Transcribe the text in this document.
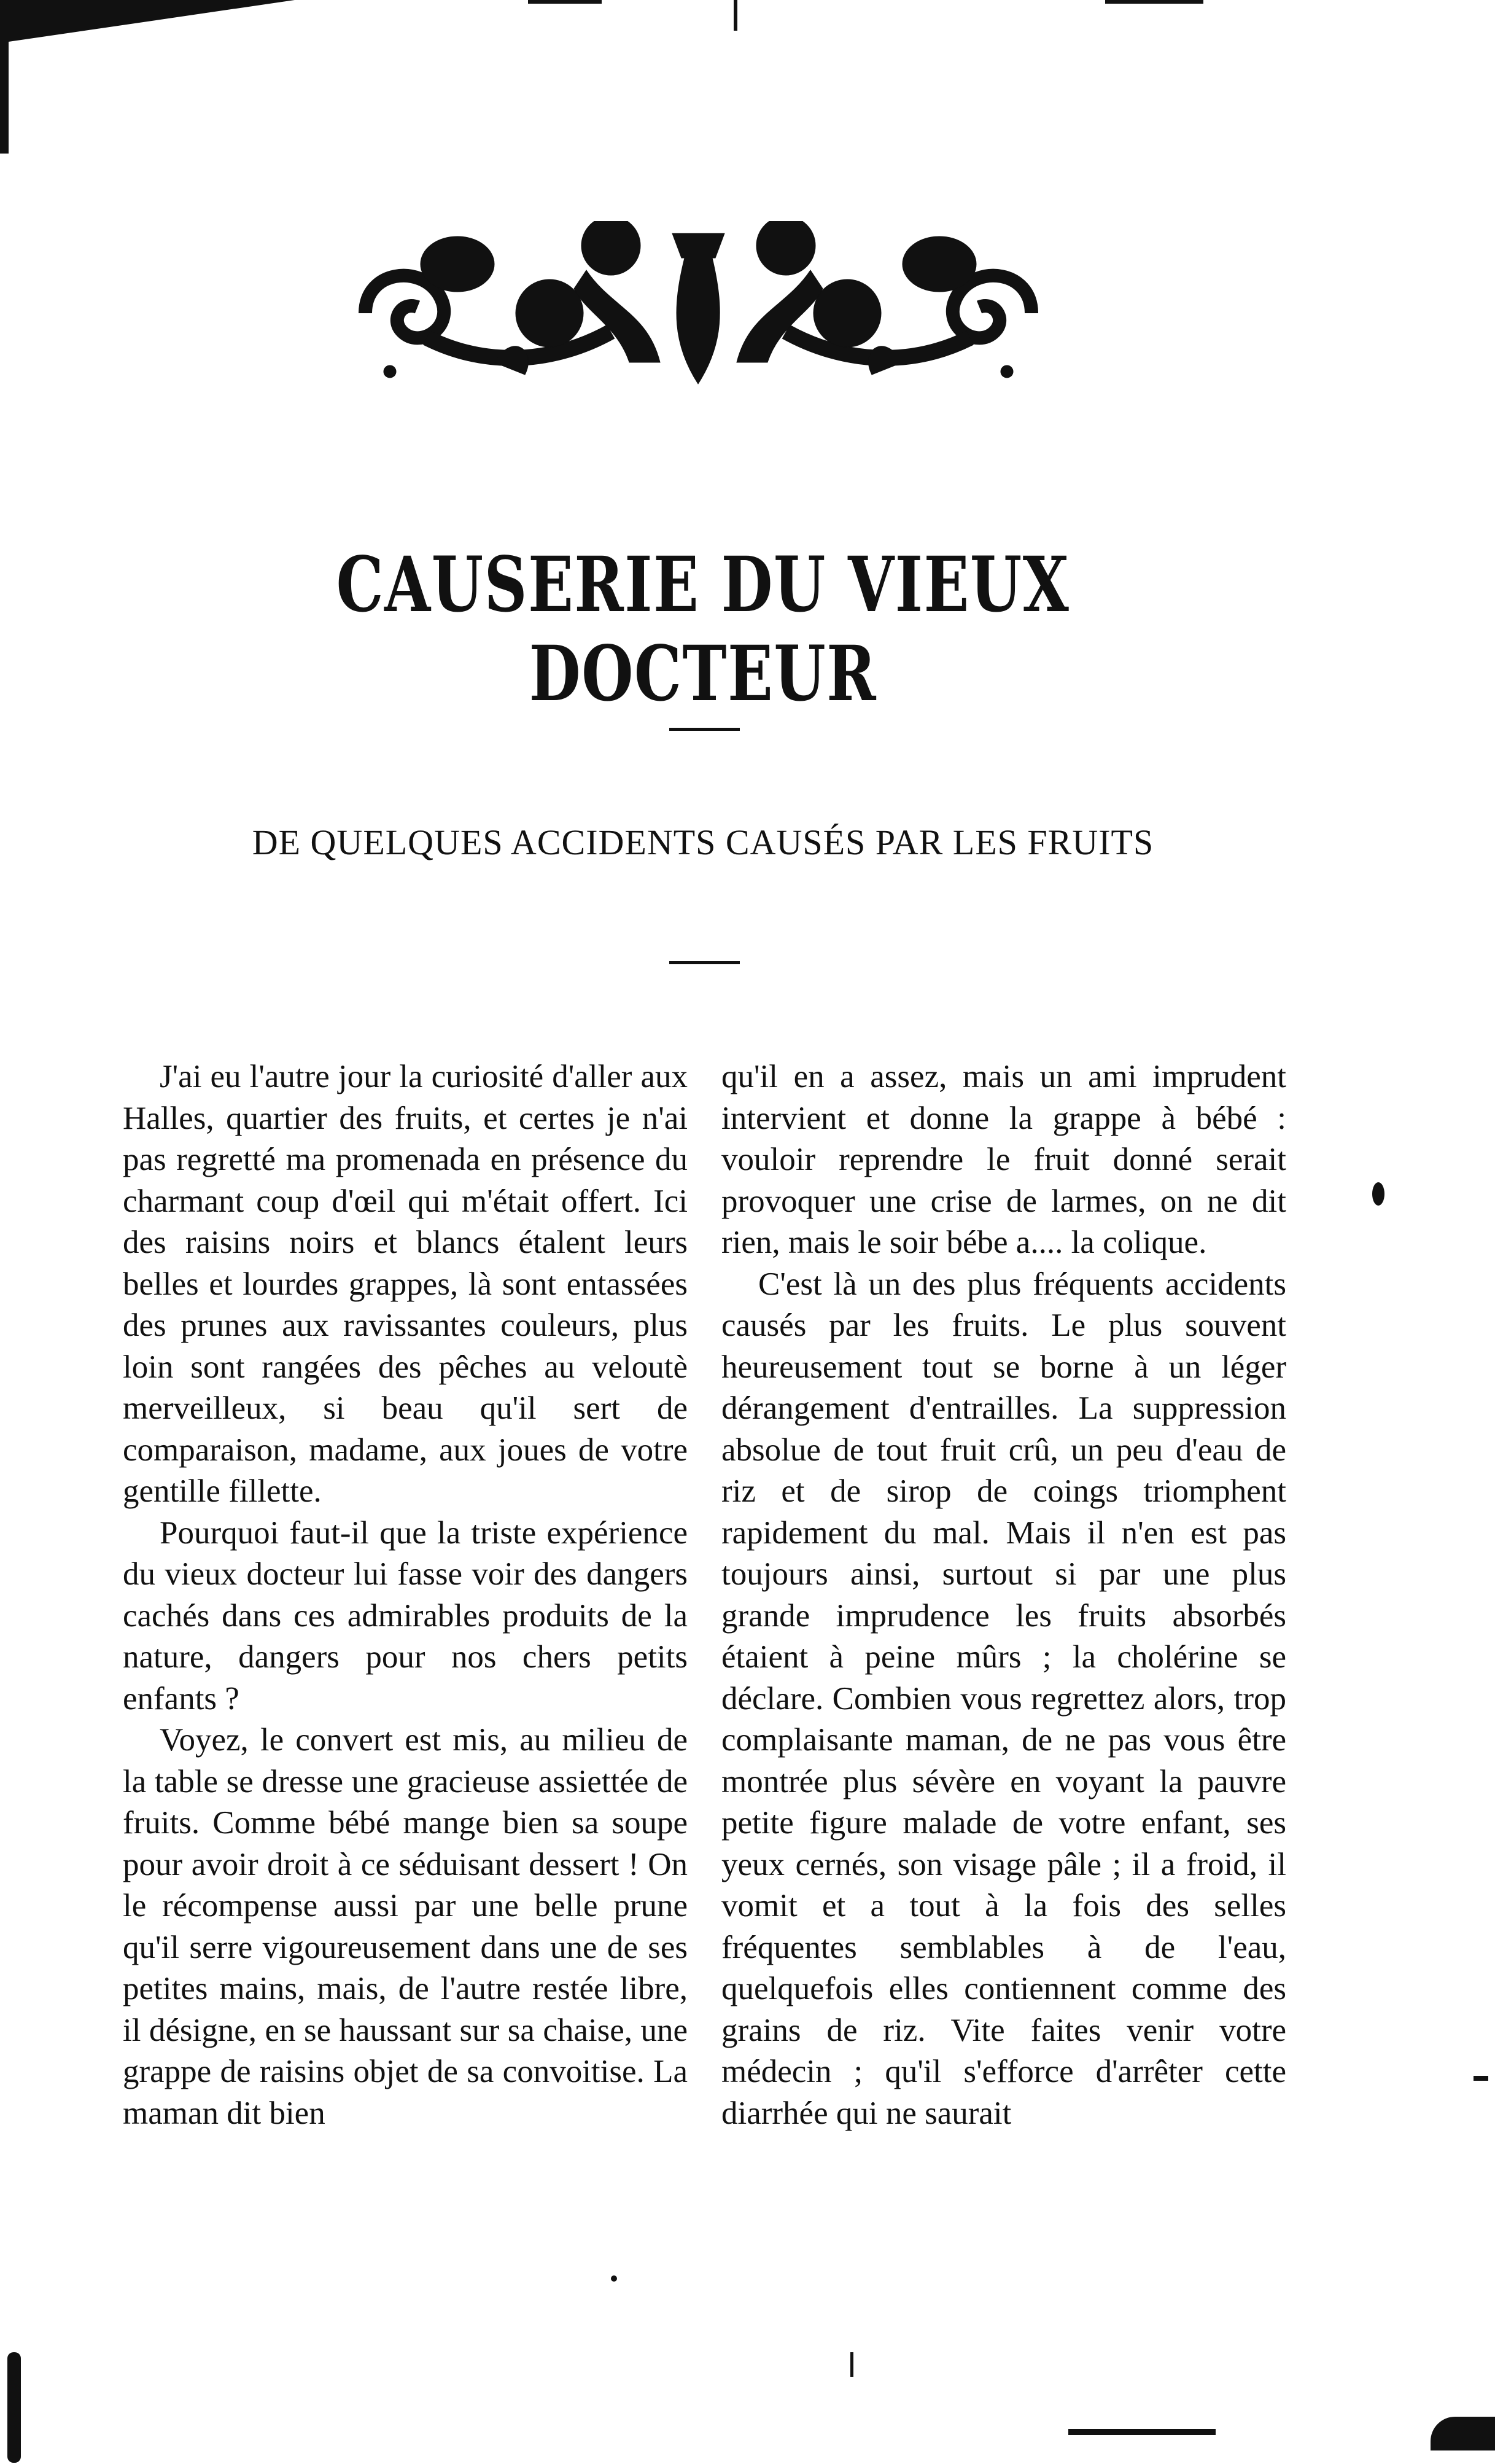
CAUSERIE DU VIEUX DOCTEUR
DE QUELQUES ACCIDENTS CAUSÉS PAR LES FRUITS

J'ai eu l'autre jour la curiosité d'aller aux Halles, quartier des fruits, et certes je n'ai pas regretté ma promenada en présence du charmant coup d'œil qui m'était offert. Ici des raisins noirs et blancs étalent leurs belles et lourdes grappes, là sont entassées des prunes aux ravissantes couleurs, plus loin sont rangées des pêches au veloutè merveilleux, si beau qu'il sert de comparaison, madame, aux joues de votre gentille fillette.

Pourquoi faut-il que la triste expérience du vieux docteur lui fasse voir des dangers cachés dans ces admirables produits de la nature, dangers pour nos chers petits enfants ?

Voyez, le convert est mis, au milieu de la table se dresse une gracieuse assiettée de fruits. Comme bébé mange bien sa soupe pour avoir droit à ce séduisant dessert ! On le récompense aussi par une belle prune qu'il serre vigoureusement dans une de ses petites mains, mais, de l'autre restée libre, il désigne, en se haussant sur sa chaise, une grappe de raisins objet de sa convoitise. La maman dit bien

qu'il en a assez, mais un ami imprudent intervient et donne la grappe à bébé : vouloir reprendre le fruit donné serait provoquer une crise de larmes, on ne dit rien, mais le soir bébe a.... la colique.

C'est là un des plus fréquents accidents causés par les fruits. Le plus souvent heureusement tout se borne à un léger dérangement d'entrailles. La suppression absolue de tout fruit crû, un peu d'eau de riz et de sirop de coings triomphent rapidement du mal. Mais il n'en est pas toujours ainsi, surtout si par une plus grande imprudence les fruits absorbés étaient à peine mûrs ; la cholérine se déclare. Combien vous regrettez alors, trop complaisante maman, de ne pas vous être montrée plus sévère en voyant la pauvre petite figure malade de votre enfant, ses yeux cernés, son visage pâle ; il a froid, il vomit et a tout à la fois des selles fréquentes semblables à de l'eau, quelquefois elles contiennent comme des grains de riz. Vite faites venir votre médecin ; qu'il s'efforce d'arrêter cette diarrhée qui ne saurait
